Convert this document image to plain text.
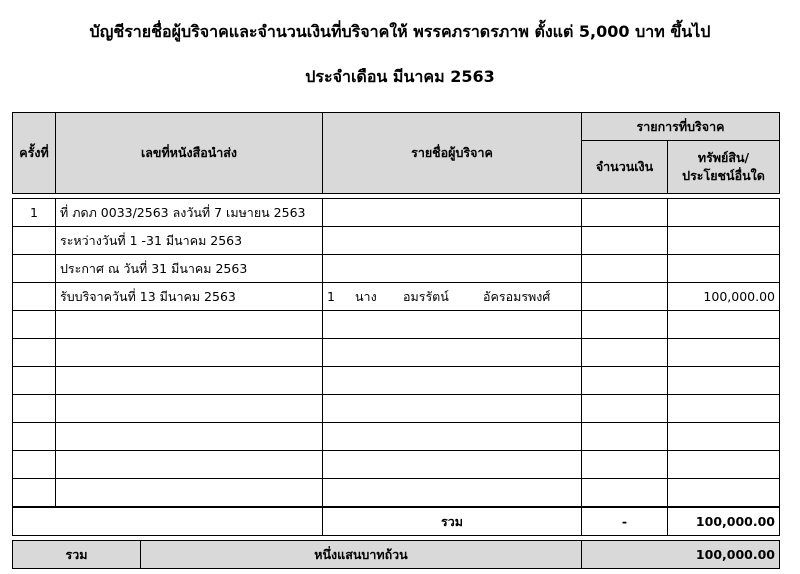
บัญชีรายชื่อผู้บริจาคและจำนวนเงินที่บริจาคให้ พรรคภราดรภาพ ตั้งแต่ 5,000 บาท ขึ้นไป
ประจำเดือน มีนาคม 2563
ครั้งที่	เลขที่หนังสือนำส่ง		รายชื่อผู้บริจาค	รายการที่บริจาค	
				จำนวนเงิน	ทรัพย์สิน/ ประโยชน์อื่นใด

1	ที่ ภดภ 0033/2563 ลงวันที่ 7 เมษายน 2563				
	ระหว่างวันที่ 1 -31 มีนาคม 2563				
	ประกาศ ณ วันที่ 31 มีนาคม 2563				
	รับบริจาควันที่ 13 มีนาคม 2563		1 นาง อมรรัตน์ อัครอมรพงศ์		100,000.00

			รวม	-	100,000.00

รวม		หนึ่งแสนบาทถ้วน		100,000.00	
